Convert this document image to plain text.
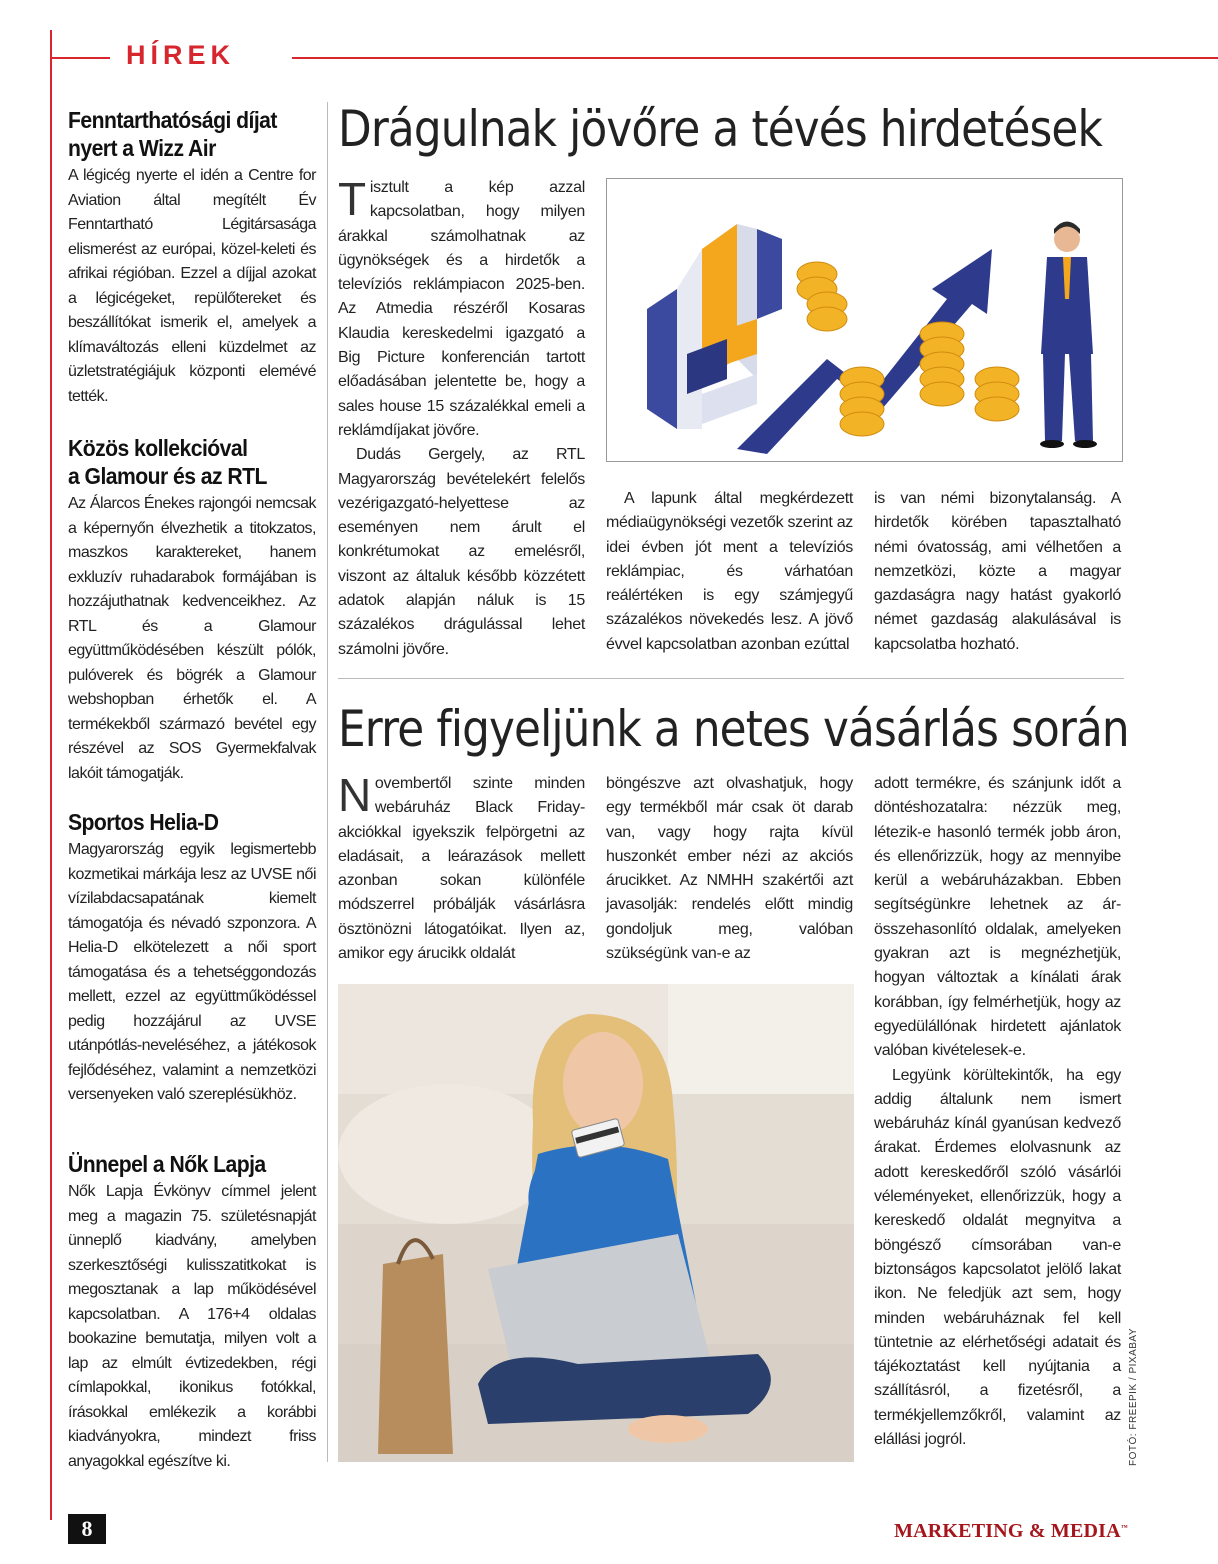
HÍREK
Fenntarthatósági díjat
nyert a Wizz Air

A légicég nyerte el idén a Centre for Aviation által megítélt Év Fenntartható Légitársasága elismerést az európai, közel-keleti és afrikai régióban. Ezzel a díjjal azokat a légicégeket, repülőtereket és beszállítókat ismerik el, amelyek a klímaváltozás elleni küzdelmet az üzletstratégiájuk központi elemévé tették.

Közös kollekcióval
a Glamour és az RTL

Az Álarcos Énekes rajongói nemcsak a képernyőn élvezhetik a titokzatos, maszkos karaktereket, hanem exkluzív ruhadarabok formájában is hozzájuthatnak kedvenceikhez. Az RTL és a Glamour együttműködésében készült pólók, pulóverek és bögrék a Glamour webshopban érhetők el. A termékekből származó bevétel egy részével az SOS Gyermekfalvak lakóit támogatják.

Sportos Helia-D

Magyarország egyik legismertebb kozmetikai márkája lesz az UVSE női vízilabdacsapatának kiemelt támogatója és névadó szponzora. A Helia-D elkötelezett a női sport támogatása és a tehetséggondozás mellett, ezzel az együttműködéssel pedig hozzájárul az UVSE utánpótlás-neveléséhez, a játékosok fejlődéséhez, valamint a nemzetközi versenyeken való szereplésükhöz.

Ünnepel a Nők Lapja

Nők Lapja Évkönyv címmel jelent meg a magazin 75. születésnapját ünneplő kiadvány, amelyben szerkesztőségi kulisszatitkokat is megosztanak a lap működésével kapcsolatban. A 176+4 oldalas bookazine bemutatja, milyen volt a lap az elmúlt évtizedekben, régi címlapokkal, ikonikus fotókkal, írásokkal emlékezik a korábbi kiadványokra, mindezt friss anyagokkal egészítve ki.

Drágulnak jövőre a tévés hirdetések

Tisztult a kép azzal kapcsolatban, hogy milyen árakkal számolhatnak az ügynökségek és a hirdetők a televíziós reklámpiacon 2025-ben. Az Atmedia részéről Kosaras Klaudia kereskedelmi igazgató a Big Picture konferencián tartott előadásában jelentette be, hogy a sales house 15 százalékkal emeli a reklámdíjakat jövőre.

Dudás Gergely, az RTL Magyarország bevételekért felelős vezérigazgató-helyettese az eseményen nem árult el konkrétumokat az emelésről, viszont az általuk később közzétett adatok alapján náluk is 15 százalékos drágulással lehet számolni jövőre.

A lapunk által megkérdezett médiaügynökségi vezetők szerint az idei évben jót ment a televíziós reklámpiac, és várhatóan reálértéken is egy számjegyű százalékos növekedés lesz. A jövő évvel kapcsolatban azonban ezúttal

is van némi bizonytalanság. A hirdetők körében tapasztalható némi óvatosság, ami vélhetően a nemzetközi, közte a magyar gazdaságra nagy hatást gyakorló német gazdaság alakulásával is kapcsolatba hozható.

Erre figyeljünk a netes vásárlás során

Novembertől szinte minden webáruház Black Friday-akciókkal igyekszik felpörgetni az eladásait, a leárazások mellett azonban sokan különféle módszerrel próbálják vásárlásra ösztönözni látogatóikat. Ilyen az, amikor egy árucikk oldalát

böngészve azt olvashatjuk, hogy egy termékből már csak öt darab van, vagy hogy rajta kívül huszonkét ember nézi az akciós árucikket. Az NMHH szakértői azt javasolják: rendelés előtt mindig gondoljuk meg, valóban szükségünk van-e az

adott termékre, és szánjunk időt a döntéshozatalra: nézzük meg, létezik-e hasonló termék jobb áron, és ellenőrizzük, hogy az mennyibe kerül a webáruházakban. Ebben segítségünkre lehetnek az ár-összehasonlító oldalak, amelyeken gyakran azt is megnézhetjük, hogyan változtak a kínálati árak korábban, így felmérhetjük, hogy az egyedülállónak hirdetett ajánlatok valóban kivételesek-e.

Legyünk körültekintők, ha egy addig általunk nem ismert webáruház kínál gyanúsan kedvező árakat. Érdemes elolvasnunk az adott kereskedőről szóló vásárlói véleményeket, ellenőrizzük, hogy a kereskedő oldalát megnyitva a böngésző címsorában van-e biztonságos kapcsolatot jelölő lakat ikon. Ne feledjük azt sem, hogy minden webáruháznak fel kell tüntetnie az elérhetőségi adatait és tájékoztatást kell nyújtania a szállításról, a fizetésről, a termékjellemzőkről, valamint az elállási jogról.	FOTÓ: FREEPIK / PIXABAY
8	MARKETING & MEDIA™
